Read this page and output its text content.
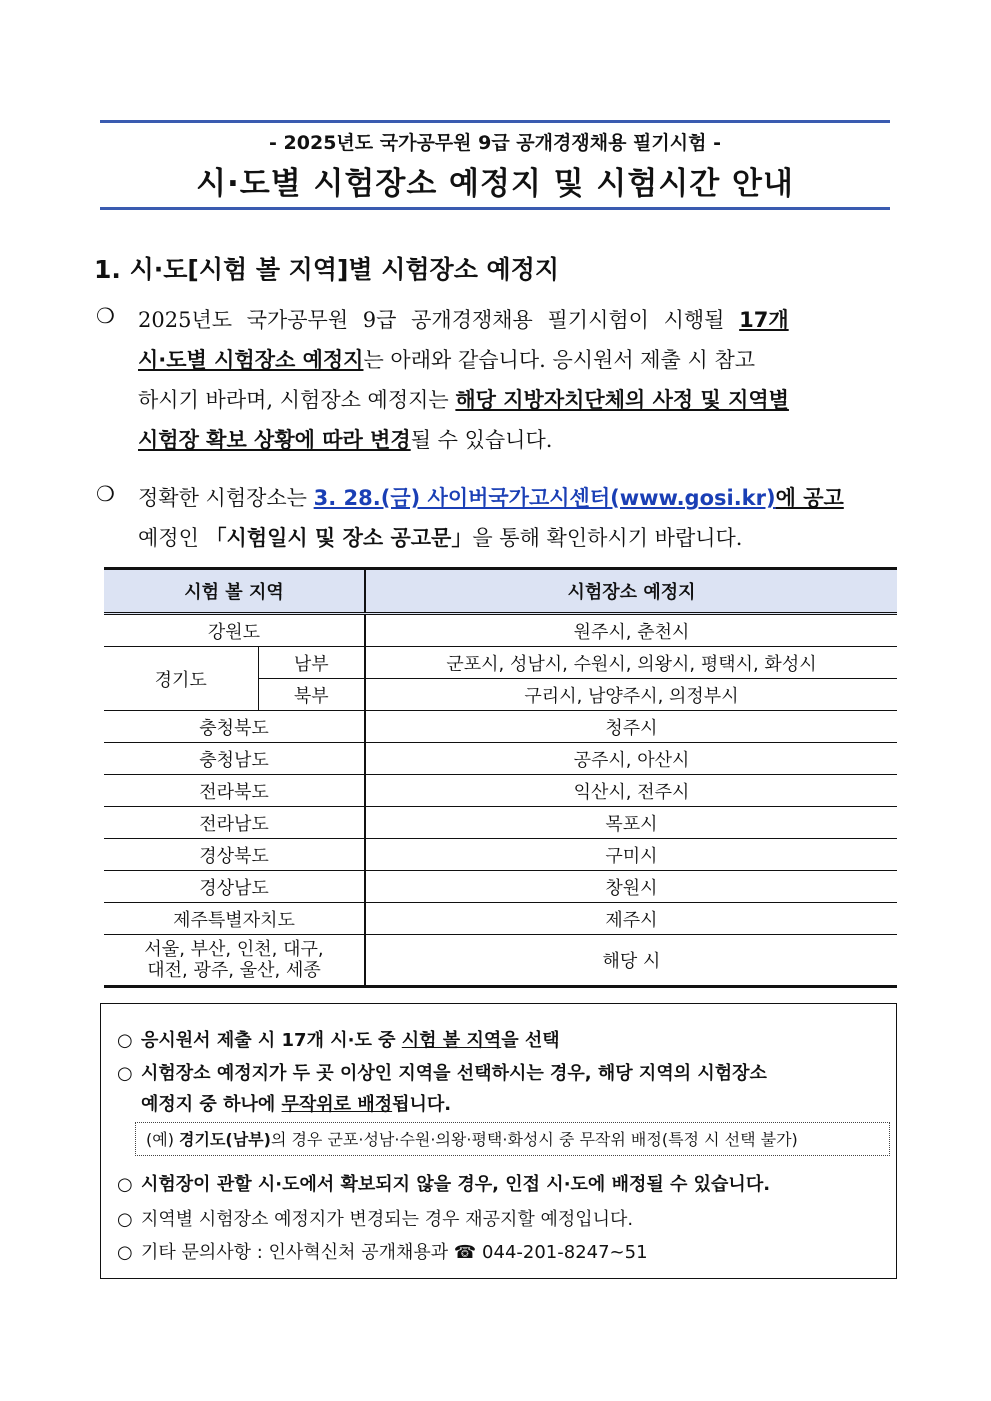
- 2025년도 국가공무원 9급 공개경쟁채용 필기시험 -
시·도별 시험장소 예정지 및 시험시간 안내
1. 시·도[시험 볼 지역]별 시험장소 예정지
❍ 2025년도 국가공무원 9급 공개경쟁채용 필기시험이 시행될 17개
시·도별 시험장소 예정지는 아래와 같습니다. 응시원서 제출 시 참고
하시기 바라며, 시험장소 예정지는 해당 지방자치단체의 사정 및 지역별
시험장 확보 상황에 따라 변경될 수 있습니다.
❍ 정확한 시험장소는 3. 28.(금) 사이버국가고시센터(www.gosi.kr)에 공고
예정인 「시험일시 및 장소 공고문」을 통해 확인하시기 바랍니다.
시험 볼 지역		시험장소 예정지
강원도		원주시, 춘천시
경기도	남부	군포시, 성남시, 수원시, 의왕시, 평택시, 화성시
	북부	구리시, 남양주시, 의정부시
충청북도		청주시
충청남도		공주시, 아산시
전라북도		익산시, 전주시
전라남도		목포시
경상북도		구미시
경상남도		창원시
제주특별자치도		제주시

서울, 부산, 인천, 대구,
대전, 광주, 울산, 세종		해당 시
○ 응시원서 제출 시 17개 시·도 중 시험 볼 지역을 선택
○ 시험장소 예정지가 두 곳 이상인 지역을 선택하시는 경우, 해당 지역의 시험장소
예정지 중 하나에 무작위로 배정됩니다.
(예) 경기도(남부)의 경우 군포·성남·수원·의왕·평택·화성시 중 무작위 배정(특정 시 선택 불가)
○ 시험장이 관할 시·도에서 확보되지 않을 경우, 인접 시·도에 배정될 수 있습니다.
○ 지역별 시험장소 예정지가 변경되는 경우 재공지할 예정입니다.
○ 기타 문의사항 : 인사혁신처 공개채용과 ☎ 044-201-8247~51
